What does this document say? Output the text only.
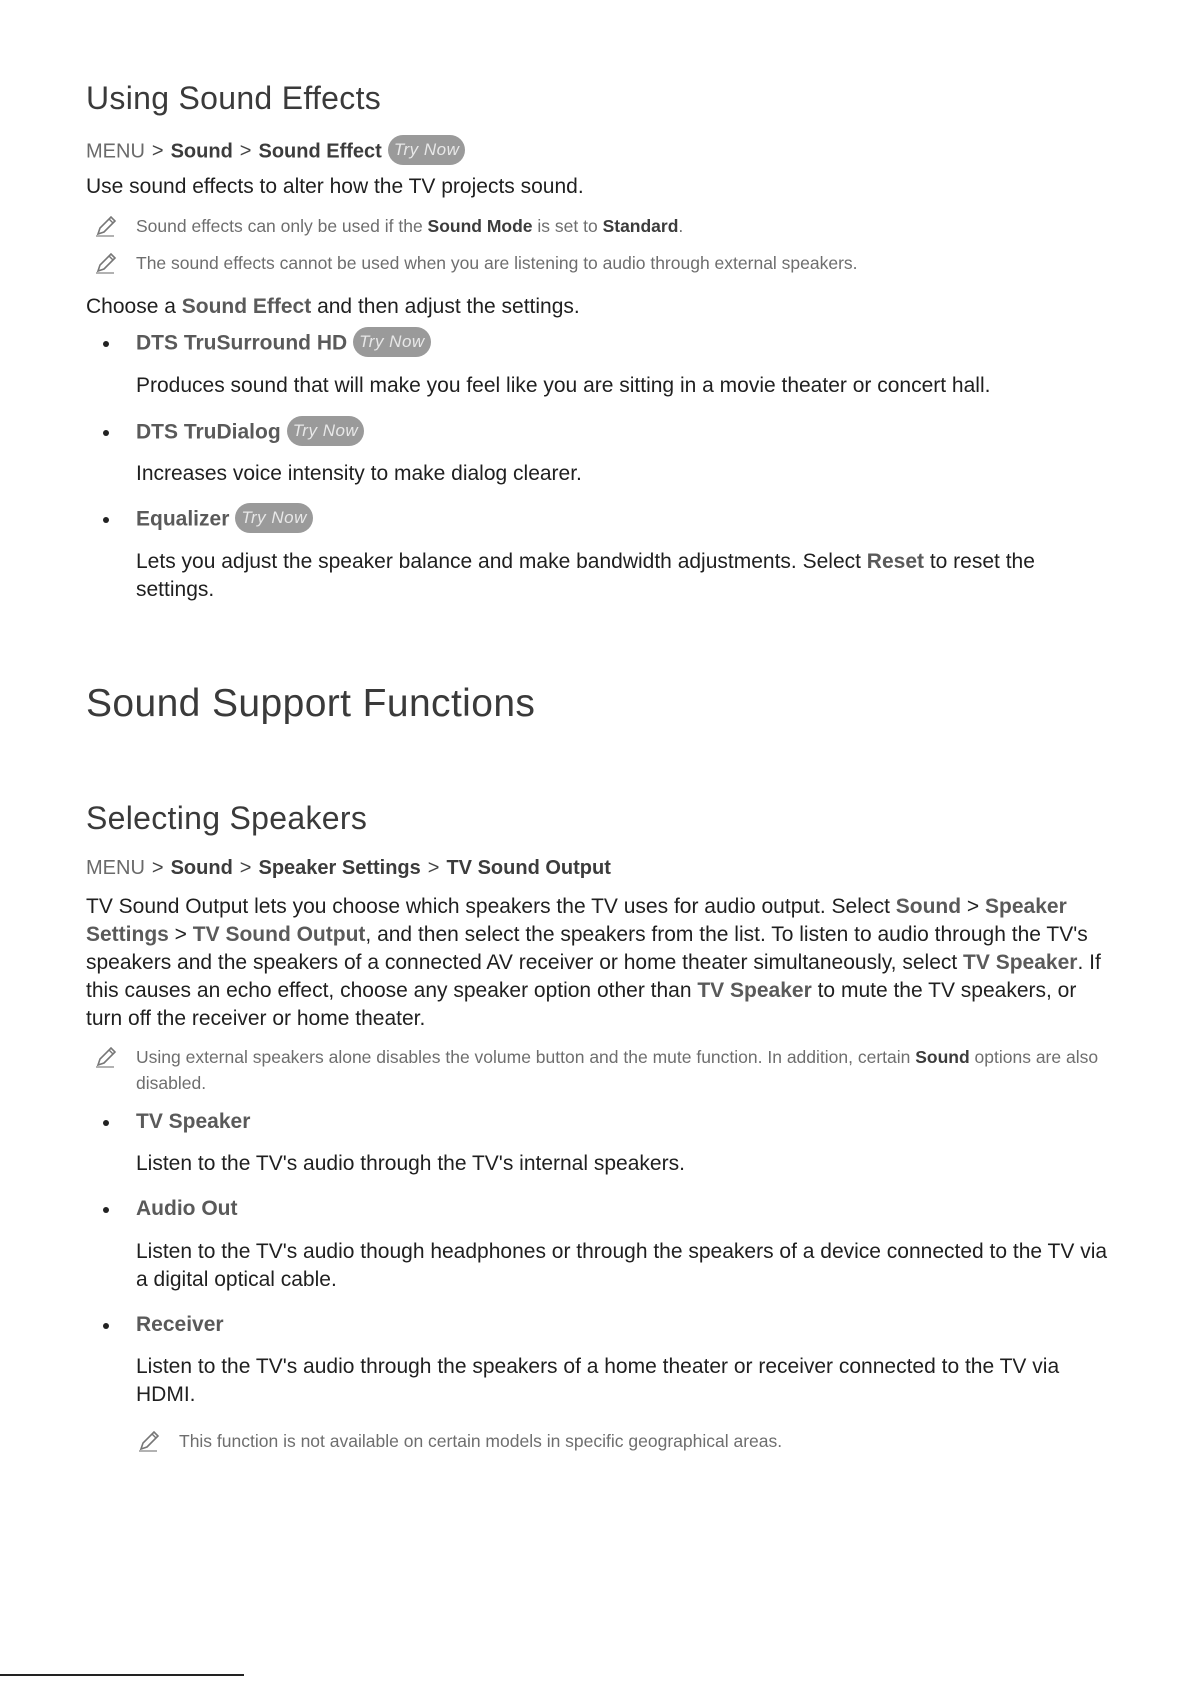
Using Sound Effects
MENU > Sound > Sound Effect Try Now
Use sound effects to alter how the TV projects sound.
Sound effects can only be used if the Sound Mode is set to Standard.
The sound effects cannot be used when you are listening to audio through external speakers.
Choose a Sound Effect and then adjust the settings.
DTS TruSurround HD Try Now
Produces sound that will make you feel like you are sitting in a movie theater or concert hall.
DTS TruDialog Try Now
Increases voice intensity to make dialog clearer.
Equalizer Try Now
Lets you adjust the speaker balance and make bandwidth adjustments. Select Reset to reset the settings.
Sound Support Functions
Selecting Speakers
MENU > Sound > Speaker Settings > TV Sound Output
TV Sound Output lets you choose which speakers the TV uses for audio output. Select Sound > Speaker Settings > TV Sound Output, and then select the speakers from the list. To listen to audio through the TV's speakers and the speakers of a connected AV receiver or home theater simultaneously, select TV Speaker. If this causes an echo effect, choose any speaker option other than TV Speaker to mute the TV speakers, or turn off the receiver or home theater.
Using external speakers alone disables the volume button and the mute function. In addition, certain Sound options are also disabled.
TV Speaker
Listen to the TV's audio through the TV's internal speakers.
Audio Out
Listen to the TV's audio though headphones or through the speakers of a device connected to the TV via a digital optical cable.
Receiver
Listen to the TV's audio through the speakers of a home theater or receiver connected to the TV via HDMI.
This function is not available on certain models in specific geographical areas.
